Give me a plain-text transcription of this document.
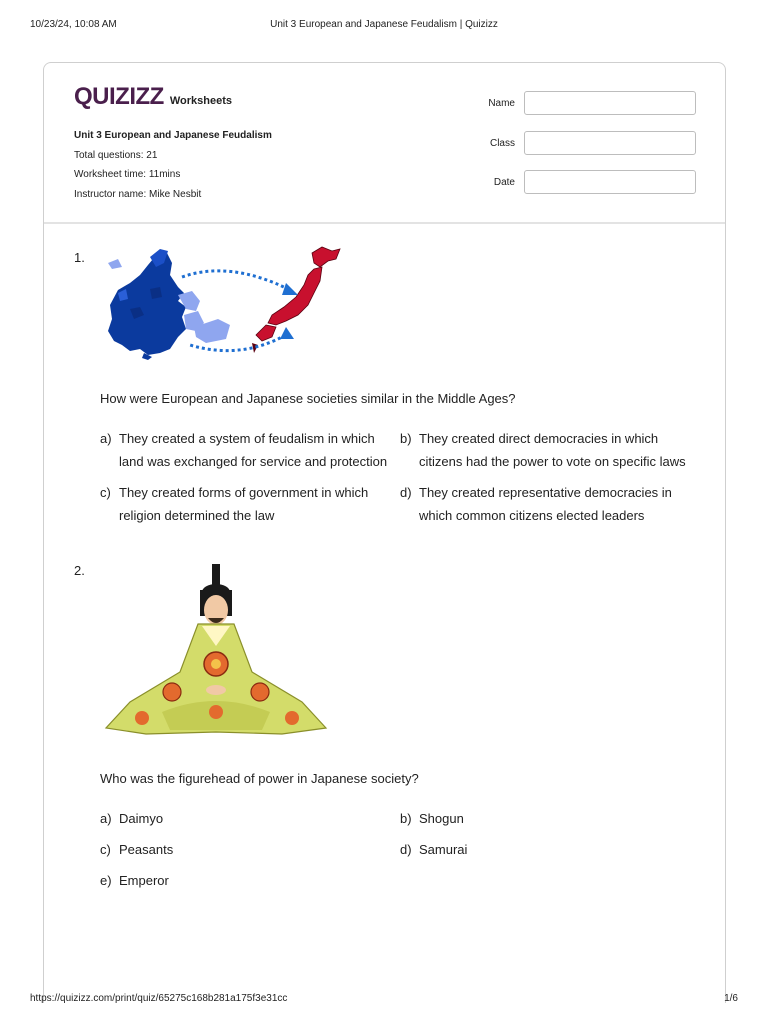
10/23/24, 10:08 AM	Unit 3 European and Japanese Feudalism | Quizizz
QUIZIZZ Worksheets
Unit 3 European and Japanese Feudalism
Total questions: 21
Worksheet time: 11mins
Instructor name: Mike Nesbit
Name
Class
Date
1.
How were European and Japanese societies similar in the Middle Ages?
a) They created a system of feudalism in which
land was exchanged for service and protection
b) They created direct democracies in which
citizens had the power to vote on specific laws
c) They created forms of government in which
religion determined the law
d) They created representative democracies in
which common citizens elected leaders
2.
Who was the figurehead of power in Japanese society?
a) Daimyo	b) Shogun
c) Peasants	d) Samurai
e) Emperor
https://quizizz.com/print/quiz/65275c168b281a175f3e31cc	1/6
